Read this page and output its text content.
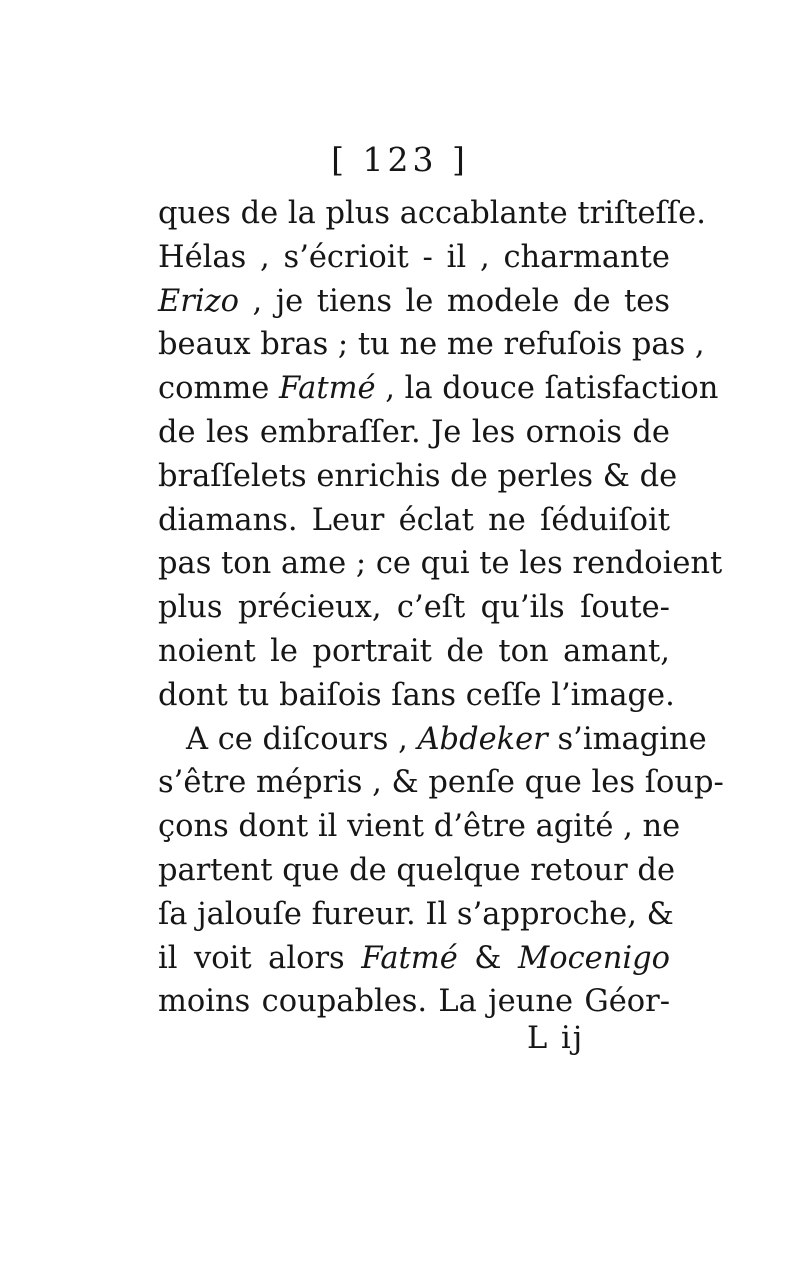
[ 123 ]
ques de la plus accablante triſteſſe.
Hélas , s’écrioit - il , charmante
Erizo , je tiens le modele de tes
beaux bras ; tu ne me refuſois pas ,
comme Fatmé , la douce ſatisfaction
de les embraſſer. Je les ornois de
braſſelets enrichis de perles & de
diamans. Leur éclat ne ſéduiſoit
pas ton ame ; ce qui te les rendoient
plus précieux, c’eſt qu’ils ſoute-
noient le portrait de ton amant,
dont tu baiſois ſans ceſſe l’image.
A ce diſcours , Abdeker s’imagine
s’être mépris , & penſe que les ſoup-
çons dont il vient d’être agité , ne
partent que de quelque retour de
ſa jalouſe fureur. Il s’approche, &
il voit alors Fatmé & Mocenigo
moins coupables. La jeune Géor-
L ij
